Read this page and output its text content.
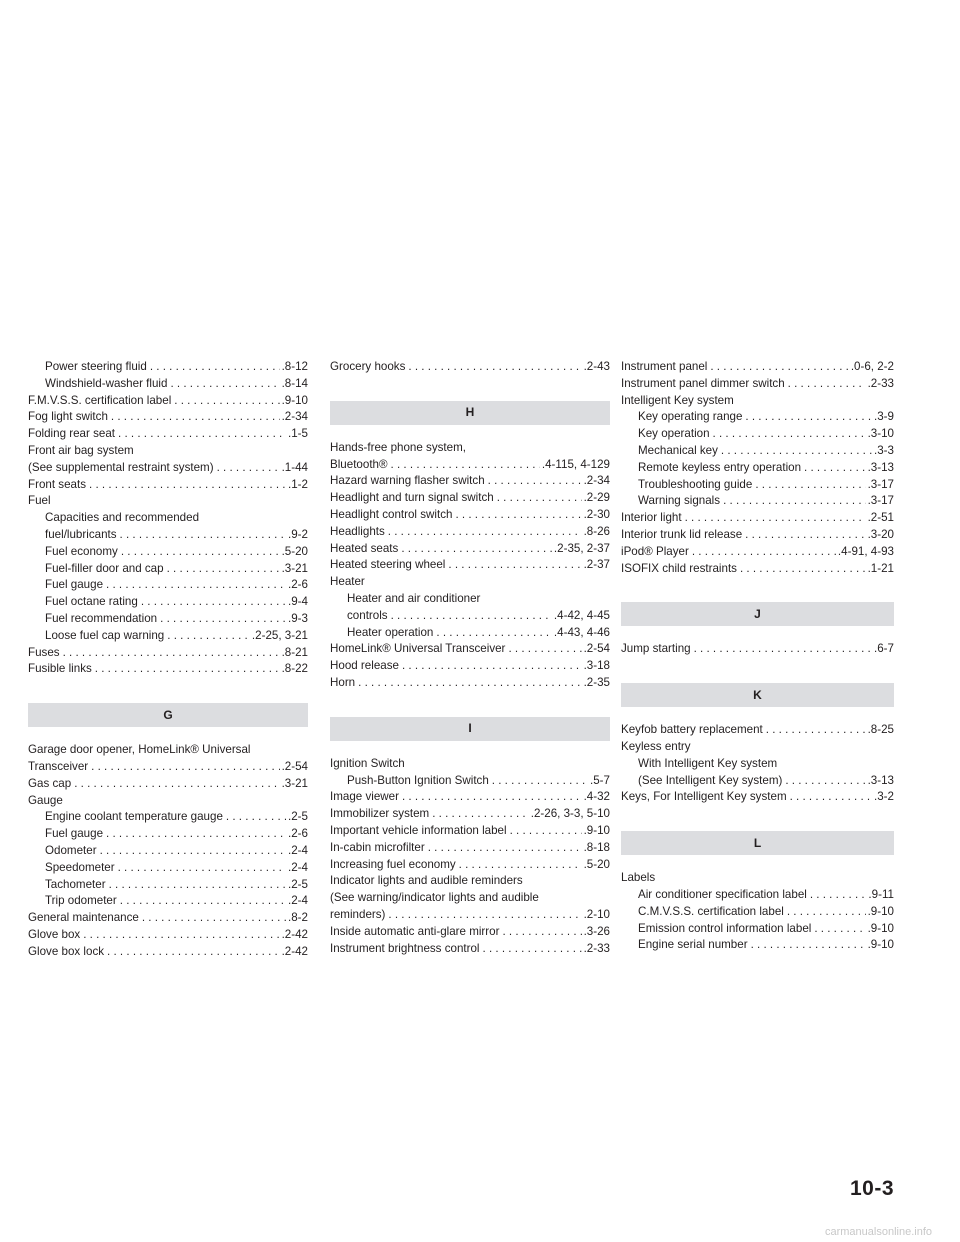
Power steering fluid . . .	.8-12
Windshield-washer fluid . . .	.8-14
F.M.V.S.S. certification label . . .	.9-10
Fog light switch . . .	.2-34
Folding rear seat . . .	.1-5
Front air bag system
(See supplemental restraint system) . . .	.1-44
Front seats . . .	.1-2
Fuel
Capacities and recommended
fuel/lubricants . . .	.9-2
Fuel economy . . .	.5-20
Fuel-filler door and cap . . .	.3-21
Fuel gauge . . .	.2-6
Fuel octane rating . . .	.9-4
Fuel recommendation . . .	.9-3
Loose fuel cap warning . . .	.2-25, 3-21
Fuses . . .	.8-21
Fusible links . . .	.8-22
G
Garage door opener, HomeLink® Universal
Transceiver . . .	.2-54
Gas cap . . .	.3-21
Gauge
Engine coolant temperature gauge . . .	.2-5
Fuel gauge . . .	.2-6
Odometer . . .	.2-4
Speedometer . . .	.2-4
Tachometer . . .	.2-5
Trip odometer . . .	.2-4
General maintenance . . .	.8-2
Glove box . . .	.2-42
Glove box lock . . .	.2-42
Grocery hooks . . .	.2-43
H
Hands-free phone system,
Bluetooth® . . .	.4-115, 4-129
Hazard warning flasher switch . . .	.2-34
Headlight and turn signal switch . . .	.2-29
Headlight control switch . . .	.2-30
Headlights . . .	.8-26
Heated seats . . .	.2-35, 2-37
Heated steering wheel . . .	.2-37
Heater
Heater and air conditioner
controls . . .	.4-42, 4-45
Heater operation . . .	.4-43, 4-46
HomeLink® Universal Transceiver . . .	.2-54
Hood release . . .	.3-18
Horn . . .	.2-35
I
Ignition Switch
Push-Button Ignition Switch . . .	.5-7
Image viewer . . .	.4-32
Immobilizer system . . .	.2-26, 3-3, 5-10
Important vehicle information label . . .	.9-10
In-cabin microfilter . . .	.8-18
Increasing fuel economy . . .	.5-20
Indicator lights and audible reminders
(See warning/indicator lights and audible
reminders) . . .	.2-10
Inside automatic anti-glare mirror . . .	.3-26
Instrument brightness control . . .	.2-33
Instrument panel . . .	.0-6, 2-2
Instrument panel dimmer switch . . .	.2-33
Intelligent Key system
Key operating range . . .	.3-9
Key operation . . .	.3-10
Mechanical key . . .	.3-3
Remote keyless entry operation . . .	.3-13
Troubleshooting guide . . .	.3-17
Warning signals . . .	.3-17
Interior light . . .	.2-51
Interior trunk lid release . . .	.3-20
iPod® Player . . .	.4-91, 4-93
ISOFIX child restraints . . .	.1-21
J
Jump starting . . .	.6-7
K
Keyfob battery replacement . . .	.8-25
Keyless entry
With Intelligent Key system
(See Intelligent Key system) . . .	.3-13
Keys, For Intelligent Key system . . .	.3-2
L
Labels
Air conditioner specification label . . .	.9-11
C.M.V.S.S. certification label . . .	.9-10
Emission control information label . . .	.9-10
Engine serial number . . .	.9-10
10-3
carmanualsonline.info
